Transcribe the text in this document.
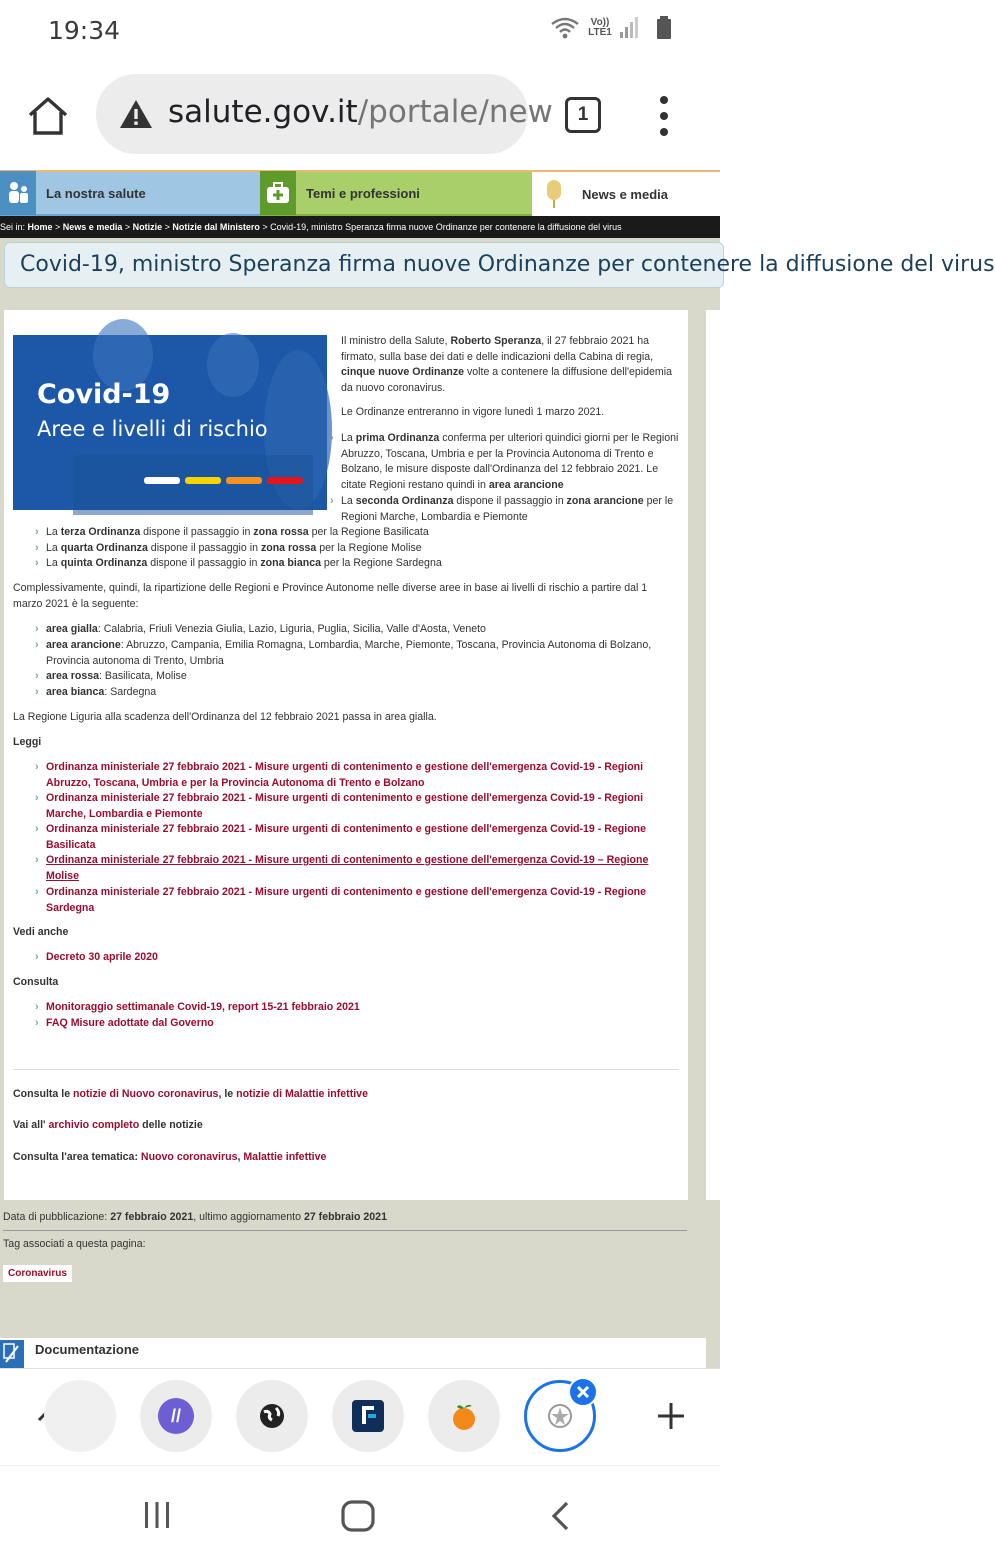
19:34	Vo)) LTE1
salute.gov.it/portale/new	1
La nostra salute	Temi e professioni	News e media
Sei in: Home > News e media > Notizie > Notizie dal Ministero > Covid-19, ministro Speranza firma nuove Ordinanze per contenere la diffusione del virus
Covid-19, ministro Speranza firma nuove Ordinanze per contenere la diffusione del virus
Covid-19
Aree e livelli di rischio
Il ministro della Salute, Roberto Speranza, il 27 febbraio 2021 ha firmato, sulla base dei dati e delle indicazioni della Cabina di regia, cinque nuove Ordinanze volte a contenere la diffusione dell'epidemia da nuovo coronavirus.
Le Ordinanze entreranno in vigore lunedì 1 marzo 2021.
› La prima Ordinanza conferma per ulteriori quindici giorni per le Regioni Abruzzo, Toscana, Umbria e per la Provincia Autonoma di Trento e Bolzano, le misure disposte dall'Ordinanza del 12 febbraio 2021. Le citate Regioni restano quindi in area arancione
› La seconda Ordinanza dispone il passaggio in zona arancione per le Regioni Marche, Lombardia e Piemonte
› La terza Ordinanza dispone il passaggio in zona rossa per la Regione Basilicata
› La quarta Ordinanza dispone il passaggio in zona rossa per la Regione Molise
› La quinta Ordinanza dispone il passaggio in zona bianca per la Regione Sardegna
Complessivamente, quindi, la ripartizione delle Regioni e Province Autonome nelle diverse aree in base ai livelli di rischio a partire dal 1 marzo 2021 è la seguente:
› area gialla: Calabria, Friuli Venezia Giulia, Lazio, Liguria, Puglia, Sicilia, Valle d'Aosta, Veneto
› area arancione: Abruzzo, Campania, Emilia Romagna, Lombardia, Marche, Piemonte, Toscana, Provincia Autonoma di Bolzano, Provincia autonoma di Trento, Umbria
› area rossa: Basilicata, Molise
› area bianca: Sardegna
La Regione Liguria alla scadenza dell'Ordinanza del 12 febbraio 2021 passa in area gialla.
Leggi
› Ordinanza ministeriale 27 febbraio 2021 - Misure urgenti di contenimento e gestione dell'emergenza Covid-19 - Regioni Abruzzo, Toscana, Umbria e per la Provincia Autonoma di Trento e Bolzano
› Ordinanza ministeriale 27 febbraio 2021 - Misure urgenti di contenimento e gestione dell'emergenza Covid-19 - Regioni Marche, Lombardia e Piemonte
› Ordinanza ministeriale 27 febbraio 2021 - Misure urgenti di contenimento e gestione dell'emergenza Covid-19 - Regione Basilicata
› Ordinanza ministeriale 27 febbraio 2021 - Misure urgenti di contenimento e gestione dell'emergenza Covid-19 – Regione Molise
› Ordinanza ministeriale 27 febbraio 2021 - Misure urgenti di contenimento e gestione dell'emergenza Covid-19 - Regione Sardegna
Vedi anche
› Decreto 30 aprile 2020
Consulta
› Monitoraggio settimanale Covid-19, report 15-21 febbraio 2021
› FAQ Misure adottate dal Governo
Consulta le notizie di Nuovo coronavirus, le notizie di Malattie infettive
Vai all' archivio completo delle notizie
Consulta l'area tematica: Nuovo coronavirus, Malattie infettive
Data di pubblicazione: 27 febbraio 2021, ultimo aggiornamento 27 febbraio 2021
Tag associati a questa pagina:
Coronavirus
Documentazione
//
